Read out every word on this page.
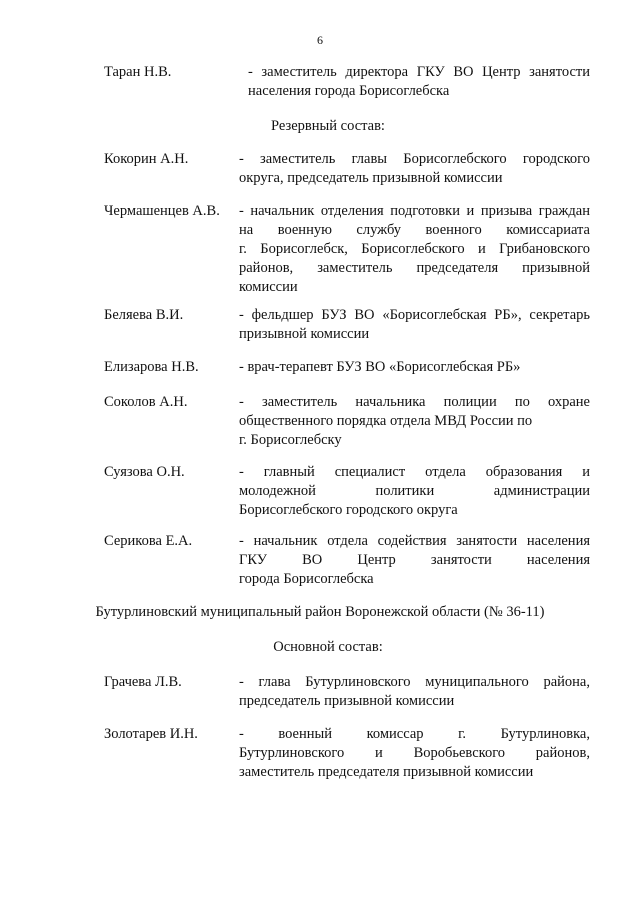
6
Таран Н.В.	- заместитель директора ГКУ ВО Центр занятости
населения города Борисоглебска
Резервный состав:
Кокорин А.Н.	- заместитель главы Борисоглебского городского
округа, председатель призывной комиссии
Чермашенцев А.В. - начальник отделения подготовки и призыва граждан
на военную службу военного комиссариата
г. Борисоглебск, Борисоглебского и Грибановского
районов, заместитель председателя призывной
комиссии
Беляева В.И.	- фельдшер БУЗ ВО «Борисоглебская РБ», секретарь
призывной комиссии
Елизарова Н.В.	- врач-терапевт БУЗ ВО «Борисоглебская РБ»
Соколов А.Н.	- заместитель начальника полиции по охране
общественного порядка отдела МВД России по
г. Борисоглебску
Суязова О.Н.	- главный специалист отдела образования и
молодежной политики администрации
Борисоглебского городского округа
Серикова Е.А.	- начальник отдела содействия занятости населения
ГКУ ВО Центр занятости населения
города Борисоглебска
Бутурлиновский муниципальный район Воронежской области (№ 36-11)
Основной состав:
Грачева Л.В.	- глава Бутурлиновского муниципального района,
председатель призывной комиссии
Золотарев И.Н.	- военный комиссар г. Бутурлиновка,
Бутурлиновского и Воробьевского районов,
заместитель председателя призывной комиссии
